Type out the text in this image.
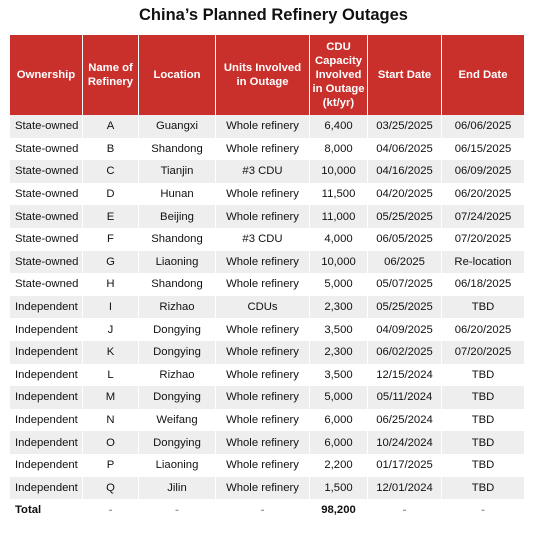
China’s Planned Refinery Outages
Ownership	Name of Refinery	Location	Units Involved in Outage	CDU Capacity Involved in Outage (kt/yr)	Start Date	End Date
State-owned	A	Guangxi	Whole refinery	6,400	03/25/2025	06/06/2025
State-owned	B	Shandong	Whole refinery	8,000	04/06/2025	06/15/2025
State-owned	C	Tianjin	#3 CDU	10,000	04/16/2025	06/09/2025
State-owned	D	Hunan	Whole refinery	11,500	04/20/2025	06/20/2025
State-owned	E	Beijing	Whole refinery	11,000	05/25/2025	07/24/2025
State-owned	F	Shandong	#3 CDU	4,000	06/05/2025	07/20/2025
State-owned	G	Liaoning	Whole refinery	10,000	06/2025	Re-location
State-owned	H	Shandong	Whole refinery	5,000	05/07/2025	06/18/2025
Independent	I	Rizhao	CDUs	2,300	05/25/2025	TBD
Independent	J	Dongying	Whole refinery	3,500	04/09/2025	06/20/2025
Independent	K	Dongying	Whole refinery	2,300	06/02/2025	07/20/2025
Independent	L	Rizhao	Whole refinery	3,500	12/15/2024	TBD
Independent	M	Dongying	Whole refinery	5,000	05/11/2024	TBD
Independent	N	Weifang	Whole refinery	6,000	06/25/2024	TBD
Independent	O	Dongying	Whole refinery	6,000	10/24/2024	TBD
Independent	P	Liaoning	Whole refinery	2,200	01/17/2025	TBD
Independent	Q	Jilin	Whole refinery	1,500	12/01/2024	TBD
Total	-	-	-	98,200	-	-
